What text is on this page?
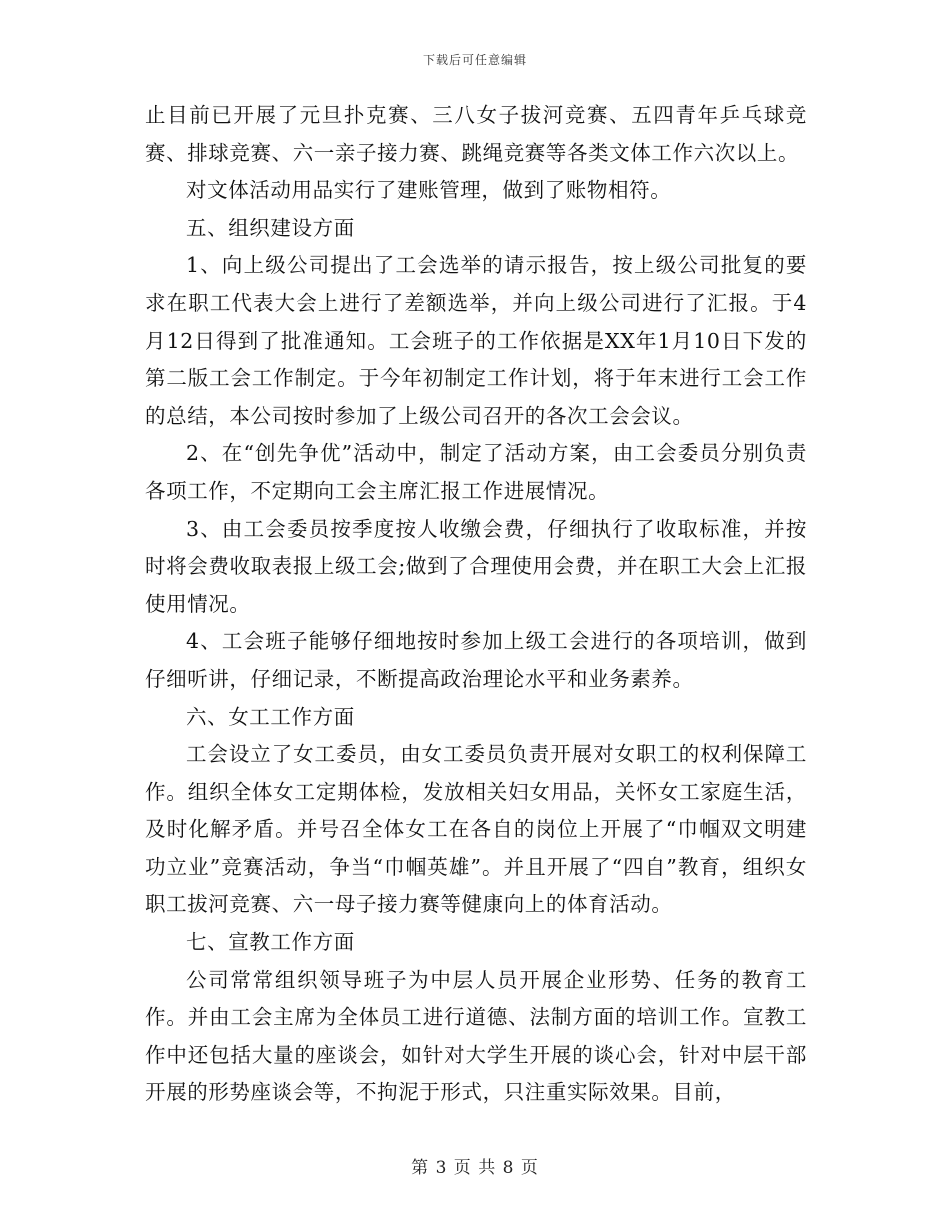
下载后可任意编辑

止目前已开展了元旦扑克赛、三八女子拔河竞赛、五四青年乒乓球竞赛、排球竞赛、六一亲子接力赛、跳绳竞赛等各类文体工作六次以上。

对文体活动用品实行了建账管理，做到了账物相符。

五、组织建设方面

1、向上级公司提出了工会选举的请示报告，按上级公司批复的要求在职工代表大会上进行了差额选举，并向上级公司进行了汇报。于4月12日得到了批准通知。工会班子的工作依据是XX年1月10日下发的第二版工会工作制定。于今年初制定工作计划，将于年末进行工会工作的总结，本公司按时参加了上级公司召开的各次工会会议。

2、在“创先争优”活动中，制定了活动方案，由工会委员分别负责各项工作，不定期向工会主席汇报工作进展情况。

3、由工会委员按季度按人收缴会费，仔细执行了收取标准，并按时将会费收取表报上级工会;做到了合理使用会费，并在职工大会上汇报使用情况。

4、工会班子能够仔细地按时参加上级工会进行的各项培训，做到仔细听讲，仔细记录，不断提高政治理论水平和业务素养。

六、女工工作方面

工会设立了女工委员，由女工委员负责开展对女职工的权利保障工作。组织全体女工定期体检，发放相关妇女用品，关怀女工家庭生活，及时化解矛盾。并号召全体女工在各自的岗位上开展了“巾帼双文明建功立业”竞赛活动，争当“巾帼英雄”。并且开展了“四自”教育，组织女职工拔河竞赛、六一母子接力赛等健康向上的体育活动。

七、宣教工作方面

公司常常组织领导班子为中层人员开展企业形势、任务的教育工作。并由工会主席为全体员工进行道德、法制方面的培训工作。宣教工作中还包括大量的座谈会，如针对大学生开展的谈心会，针对中层干部开展的形势座谈会等，不拘泥于形式，只注重实际效果。目前，

第 3 页 共 8 页
